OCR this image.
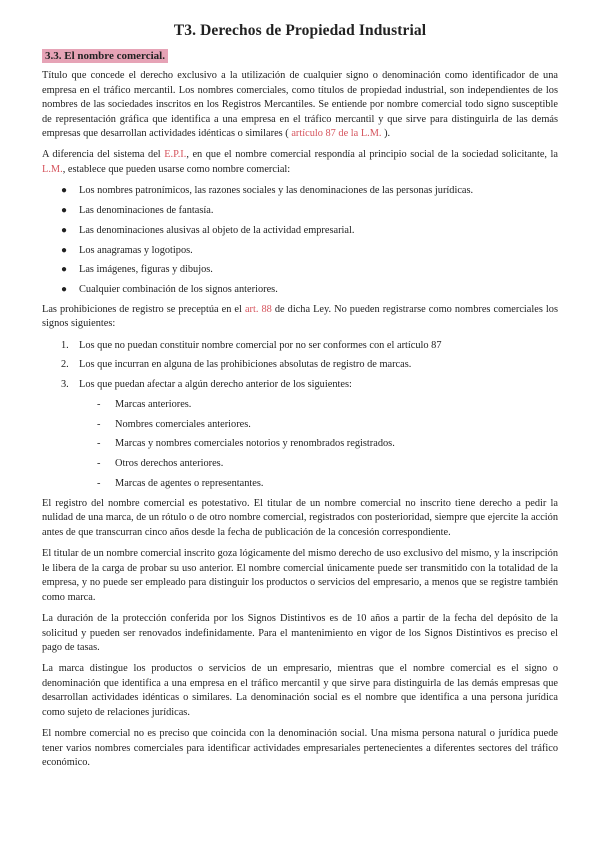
T3. Derechos de Propiedad Industrial
3.3. El nombre comercial.

Título que concede el derecho exclusivo a la utilización de cualquier signo o denominación como identificador de una empresa en el tráfico mercantil. Los nombres comerciales, como títulos de propiedad industrial, son independientes de los nombres de las sociedades inscritos en los Registros Mercantiles. Se entiende por nombre comercial todo signo susceptible de representación gráfica que identifica a una empresa en el tráfico mercantil y que sirve para distinguirla de las demás empresas que desarrollan actividades idénticas o similares ( artículo 87 de la L.M. ).

A diferencia del sistema del E.P.I., en que el nombre comercial respondía al principio social de la sociedad solicitante, la L.M., establece que pueden usarse como nombre comercial:

● Los nombres patronímicos, las razones sociales y las denominaciones de las personas jurídicas.
● Las denominaciones de fantasía.
● Las denominaciones alusivas al objeto de la actividad empresarial.
● Los anagramas y logotipos.
● Las imágenes, figuras y dibujos.
● Cualquier combinación de los signos anteriores.

Las prohibiciones de registro se preceptúa en el art. 88 de dicha Ley. No pueden registrarse como nombres comerciales los signos siguientes:

1. Los que no puedan constituir nombre comercial por no ser conformes con el artículo 87
2. Los que incurran en alguna de las prohibiciones absolutas de registro de marcas.
3. Los que puedan afectar a algún derecho anterior de los siguientes:
- Marcas anteriores.
- Nombres comerciales anteriores.
- Marcas y nombres comerciales notorios y renombrados registrados.
- Otros derechos anteriores.
- Marcas de agentes o representantes.

El registro del nombre comercial es potestativo. El titular de un nombre comercial no inscrito tiene derecho a pedir la nulidad de una marca, de un rótulo o de otro nombre comercial, registrados con posterioridad, siempre que ejercite la acción antes de que transcurran cinco años desde la fecha de publicación de la concesión correspondiente.

El titular de un nombre comercial inscrito goza lógicamente del mismo derecho de uso exclusivo del mismo, y la inscripción le libera de la carga de probar su uso anterior. El nombre comercial únicamente puede ser transmitido con la totalidad de la empresa, y no puede ser empleado para distinguir los productos o servicios del empresario, a menos que se registre también como marca.

La duración de la protección conferida por los Signos Distintivos es de 10 años a partir de la fecha del depósito de la solicitud y pueden ser renovados indefinidamente. Para el mantenimiento en vigor de los Signos Distintivos es preciso el pago de tasas.

La marca distingue los productos o servicios de un empresario, mientras que el nombre comercial es el signo o denominación que identifica a una empresa en el tráfico mercantil y que sirve para distinguirla de las demás empresas que desarrollan actividades idénticas o similares. La denominación social es el nombre que identifica a una persona jurídica como sujeto de relaciones jurídicas.

El nombre comercial no es preciso que coincida con la denominación social. Una misma persona natural o jurídica puede tener varios nombres comerciales para identificar actividades empresariales pertenecientes a diferentes sectores del tráfico económico.
